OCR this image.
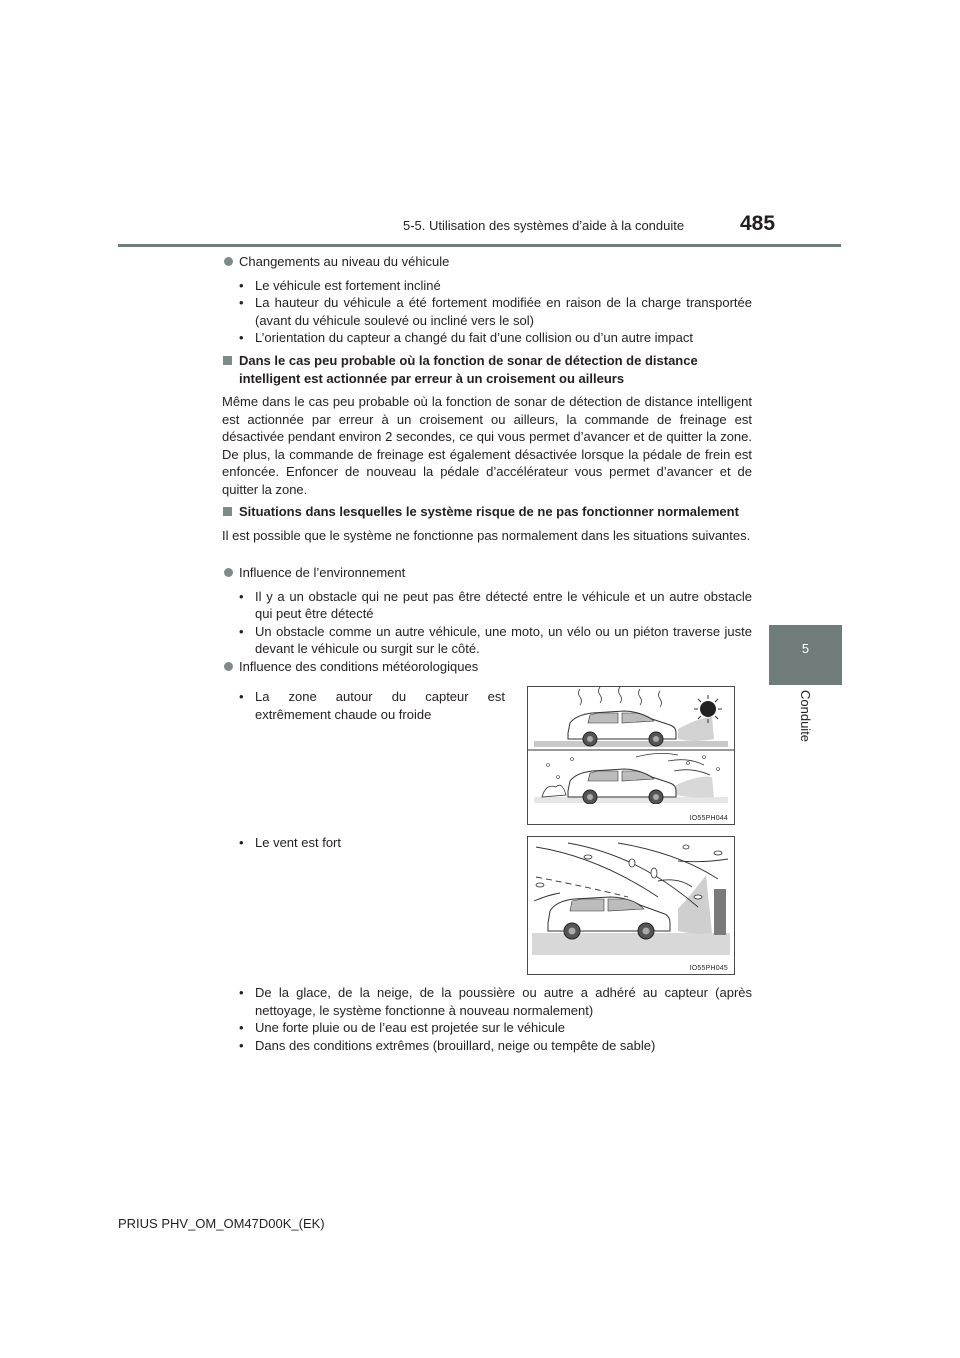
5-5. Utilisation des systèmes d’aide à la conduite	485
5
Conduite
Changements au niveau du véhicule
• Le véhicule est fortement incliné
• La hauteur du véhicule a été fortement modifiée en raison de la charge transportée (avant du véhicule soulevé ou incliné vers le sol)
• L’orientation du capteur a changé du fait d’une collision ou d’un autre impact
Dans le cas peu probable où la fonction de sonar de détection de distance intelligent est actionnée par erreur à un croisement ou ailleurs
Même dans le cas peu probable où la fonction de sonar de détection de distance intelligent est actionnée par erreur à un croisement ou ailleurs, la commande de freinage est désactivée pendant environ 2 secondes, ce qui vous permet d’avancer et de quitter la zone. De plus, la commande de freinage est également désactivée lorsque la pédale de frein est enfoncée. Enfoncer de nouveau la pédale d’accélérateur vous permet d’avancer et de quitter la zone.
Situations dans lesquelles le système risque de ne pas fonctionner normalement
Il est possible que le système ne fonctionne pas normalement dans les situations suivantes.
Influence de l’environnement
• Il y a un obstacle qui ne peut pas être détecté entre le véhicule et un autre obstacle qui peut être détecté
• Un obstacle comme un autre véhicule, une moto, un vélo ou un piéton traverse juste devant le véhicule ou surgit sur le côté.
Influence des conditions météorologiques
• La zone autour du capteur est extrêmement chaude ou froide
• Le vent est fort
• De la glace, de la neige, de la poussière ou autre a adhéré au capteur (après nettoyage, le système fonctionne à nouveau normalement)
• Une forte pluie ou de l’eau est projetée sur le véhicule
• Dans des conditions extrêmes (brouillard, neige ou tempête de sable)
IO55PH044
IO55PH045
PRIUS PHV_OM_OM47D00K_(EK)
